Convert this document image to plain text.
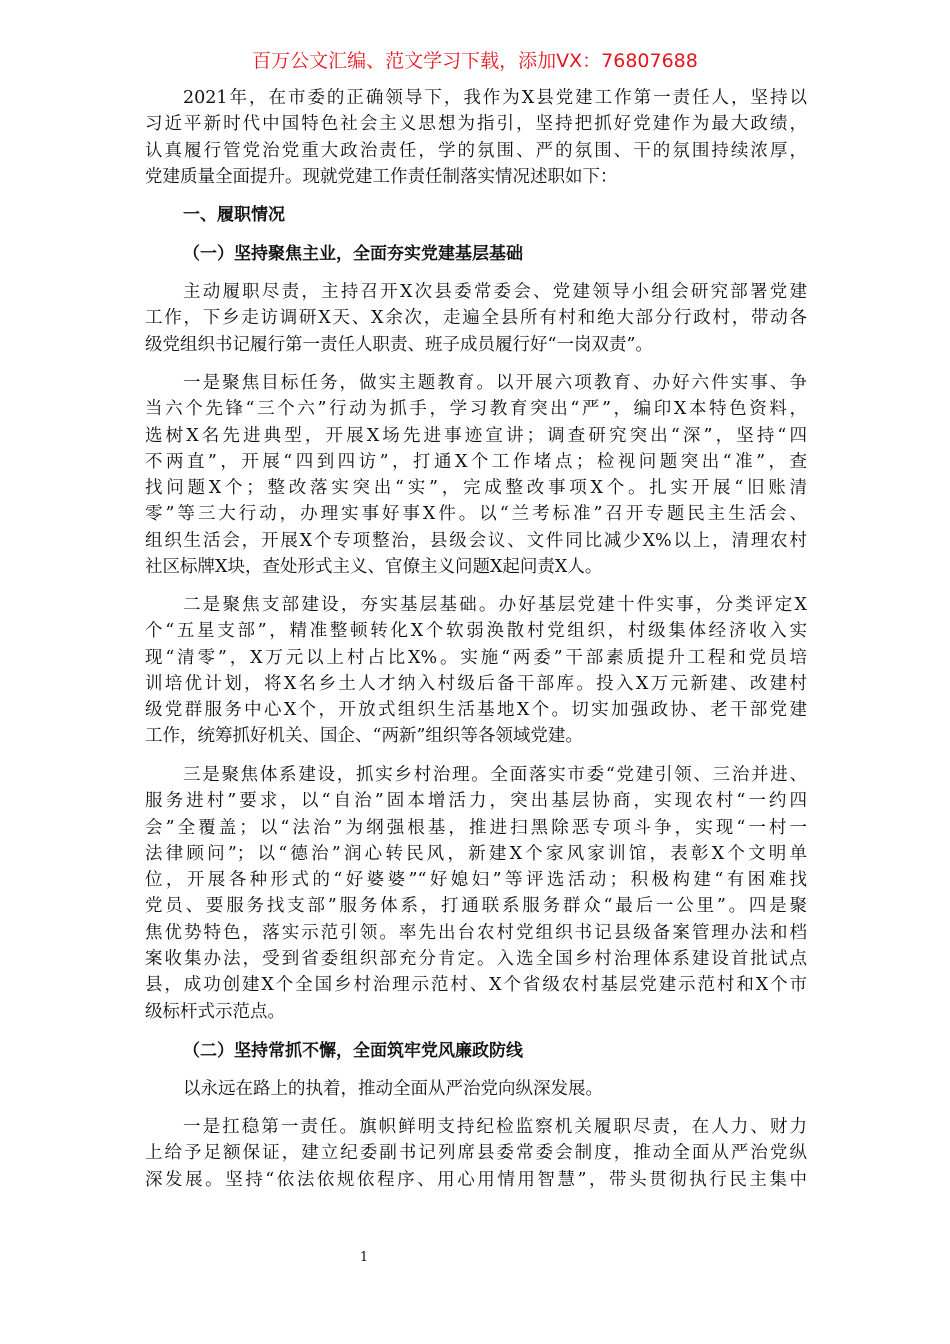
百万公文汇编、范文学习下载，添加VX：76807688
2021年，在市委的正确领导下，我作为X县党建工作第一责任人，坚持以
习近平新时代中国特色社会主义思想为指引，坚持把抓好党建作为最大政绩，
认真履行管党治党重大政治责任，学的氛围、严的氛围、干的氛围持续浓厚，
党建质量全面提升。现就党建工作责任制落实情况述职如下：
一、履职情况
（一）坚持聚焦主业，全面夯实党建基层基础
主动履职尽责，主持召开X次县委常委会、党建领导小组会研究部署党建
工作，下乡走访调研X天、X余次，走遍全县所有村和绝大部分行政村，带动各
级党组织书记履行第一责任人职责、班子成员履行好“一岗双责”。
一是聚焦目标任务，做实主题教育。以开展六项教育、办好六件实事、争
当六个先锋“三个六”行动为抓手，学习教育突出“严”，编印X本特色资料，
选树X名先进典型，开展X场先进事迹宣讲；调查研究突出“深”，坚持“四
不两直”，开展“四到四访”，打通X个工作堵点；检视问题突出“准”，查
找问题X个；整改落实突出“实”，完成整改事项X个。扎实开展“旧账清
零”等三大行动，办理实事好事X件。以“兰考标准”召开专题民主生活会、
组织生活会，开展X个专项整治，县级会议、文件同比减少X%以上，清理农村
社区标牌X块，查处形式主义、官僚主义问题X起问责X人。
二是聚焦支部建设，夯实基层基础。办好基层党建十件实事，分类评定X
个“五星支部”，精准整顿转化X个软弱涣散村党组织，村级集体经济收入实
现“清零”，X万元以上村占比X%。实施“两委”干部素质提升工程和党员培
训培优计划，将X名乡土人才纳入村级后备干部库。投入X万元新建、改建村
级党群服务中心X个，开放式组织生活基地X个。切实加强政协、老干部党建
工作，统筹抓好机关、国企、“两新”组织等各领域党建。
三是聚焦体系建设，抓实乡村治理。全面落实市委“党建引领、三治并进、
服务进村”要求，以“自治”固本增活力，突出基层协商，实现农村“一约四
会”全覆盖；以“法治”为纲强根基，推进扫黑除恶专项斗争，实现“一村一
法律顾问”；以“德治”润心转民风，新建X个家风家训馆，表彰X个文明单
位，开展各种形式的“好婆婆”“好媳妇”等评选活动；积极构建“有困难找
党员、要服务找支部”服务体系，打通联系服务群众“最后一公里”。四是聚
焦优势特色，落实示范引领。率先出台农村党组织书记县级备案管理办法和档
案收集办法，受到省委组织部充分肯定。入选全国乡村治理体系建设首批试点
县，成功创建X个全国乡村治理示范村、X个省级农村基层党建示范村和X个市
级标杆式示范点。
（二）坚持常抓不懈，全面筑牢党风廉政防线
以永远在路上的执着，推动全面从严治党向纵深发展。
一是扛稳第一责任。旗帜鲜明支持纪检监察机关履职尽责，在人力、财力
上给予足额保证，建立纪委副书记列席县委常委会制度，推动全面从严治党纵
深发展。坚持“依法依规依程序、用心用情用智慧”，带头贯彻执行民主集中
1
